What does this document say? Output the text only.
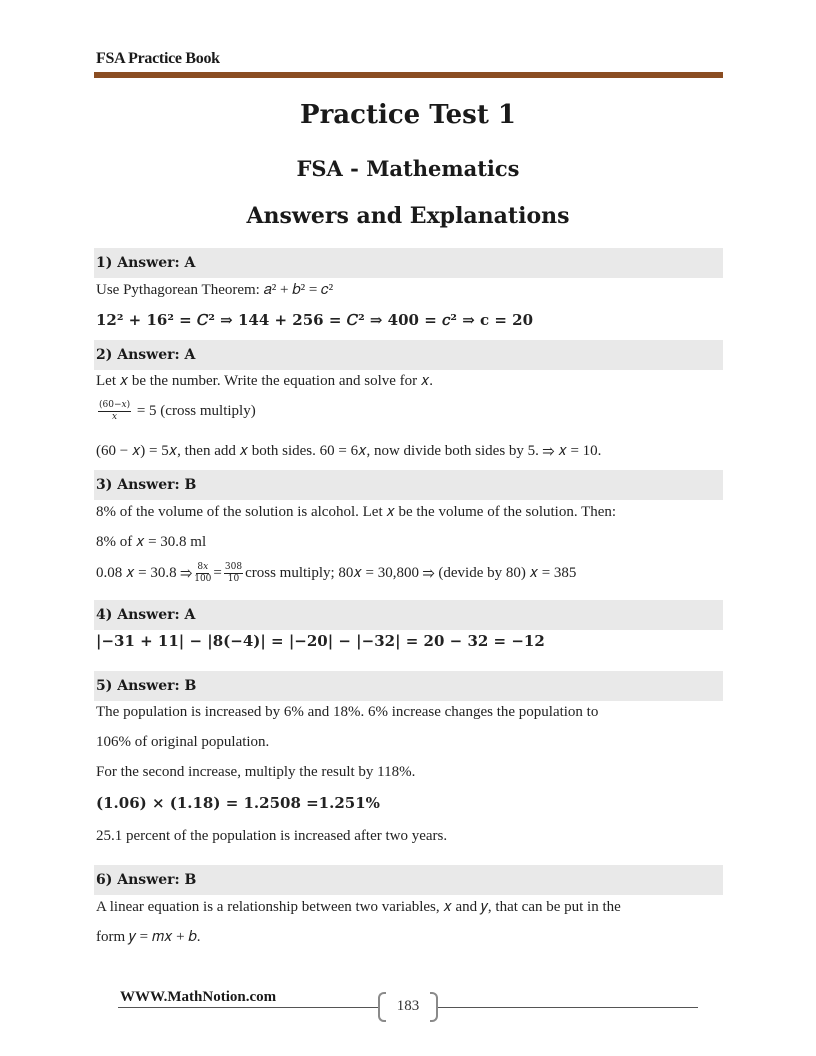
FSA Practice Book
Practice Test 1
FSA - Mathematics
Answers and Explanations
1) Answer: A
Use Pythagorean Theorem: 𝑎² + 𝑏² = 𝑐²
12² + 16² = 𝐶² ⇒ 144 + 256 = 𝐶² ⇒ 400 = 𝑐² ⇒ c = 20
2) Answer: A
Let 𝑥 be the number. Write the equation and solve for 𝑥.
$\frac{\text{(60−𝑥)}}{\text{𝑥}} = 5$ (cross multiply)
(60 − 𝑥) = 5𝑥, then add 𝑥 both sides. 60 = 6𝑥, now divide both sides by 5. ⇒ 𝑥 = 10.
3) Answer: B
8% of the volume of the solution is alcohol. Let 𝑥 be the volume of the solution. Then:
8% of 𝑥 = 30.8 ml
0.08 𝑥 = 30.8 ⇒ $\frac{\text{8𝑥}}{100} = \frac{308}{10}$ cross multiply; 80𝑥 = 30,800 ⇒ (devide by 80) 𝑥 = 385
4) Answer: A
|−31 + 11| − |8(−4)| = |−20| − |−32| = 20 − 32 = −12
5) Answer: B
The population is increased by 6% and 18%. 6% increase changes the population to
106% of original population.
For the second increase, multiply the result by 118%.
(1.06) × (1.18) = 1.2508 =1.251%
25.1 percent of the population is increased after two years.
6) Answer: B
A linear equation is a relationship between two variables, 𝑥 and 𝑦, that can be put in the
form 𝑦 = 𝑚𝑥 + 𝑏.
WWW.MathNotion.com
183
